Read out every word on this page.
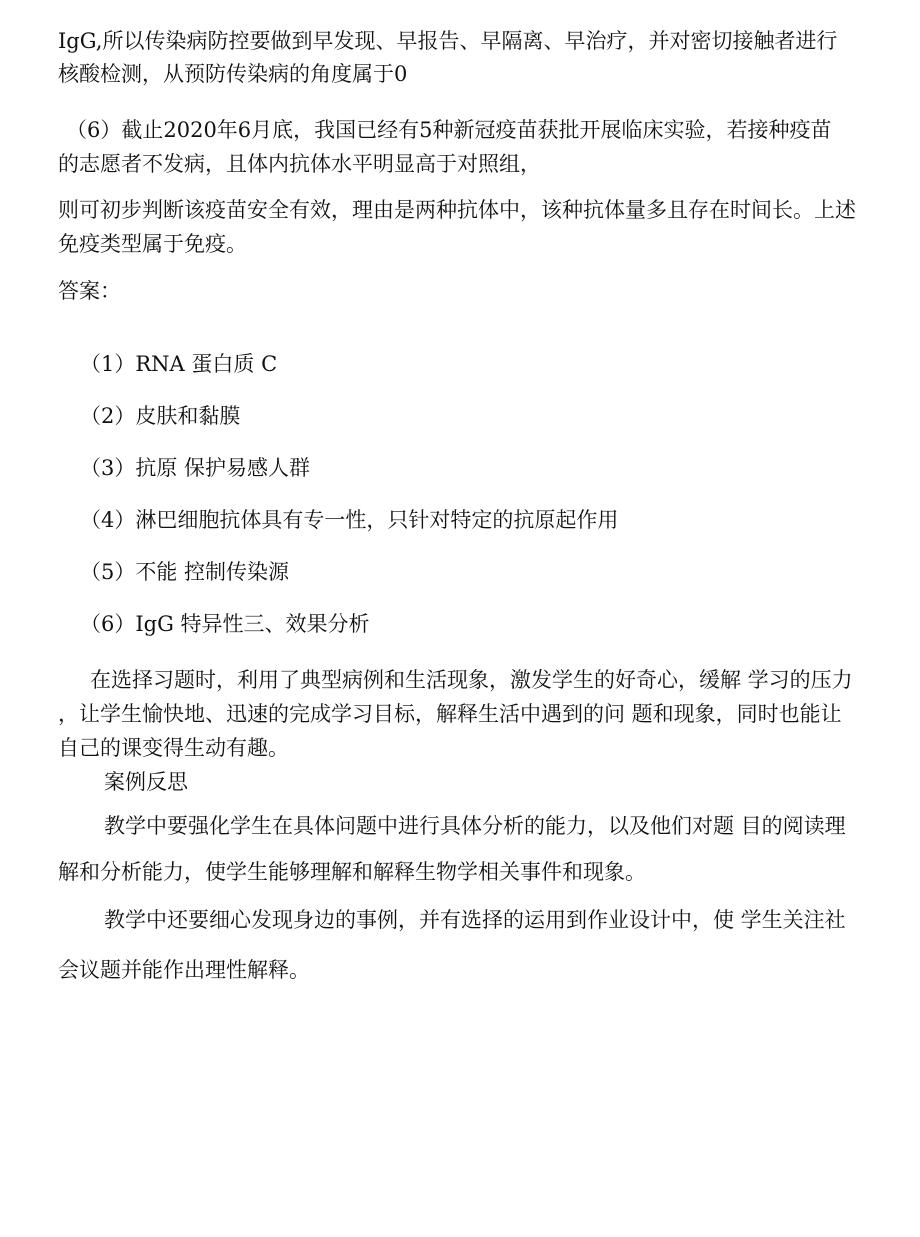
IgG,所以传染病防控要做到早发现、早报告、早隔离、早治疗，并对密切接触者进行
核酸检测，从预防传染病的角度属于0
（6）截止2020年6月底，我国已经有5种新冠疫苗获批开展临床实验，若接种疫苗
的志愿者不发病，且体内抗体水平明显高于对照组，
则可初步判断该疫苗安全有效，理由是两种抗体中，该种抗体量多且存在时间长。上述
免疫类型属于免疫。
答案：
（1）RNA 蛋白质 C
（2）皮肤和黏膜
（3）抗原 保护易感人群
（4）淋巴细胞抗体具有专一性，只针对特定的抗原起作用
（5）不能 控制传染源
（6）IgG 特异性三、效果分析
在选择习题时，利用了典型病例和生活现象，激发学生的好奇心，缓解 学习的压力
，让学生愉快地、迅速的完成学习目标，解释生活中遇到的问 题和现象，同时也能让
自己的课变得生动有趣。
案例反思
教学中要强化学生在具体问题中进行具体分析的能力，以及他们对题 目的阅读理
解和分析能力，使学生能够理解和解释生物学相关事件和现象。
教学中还要细心发现身边的事例，并有选择的运用到作业设计中，使 学生关注社
会议题并能作出理性解释。
